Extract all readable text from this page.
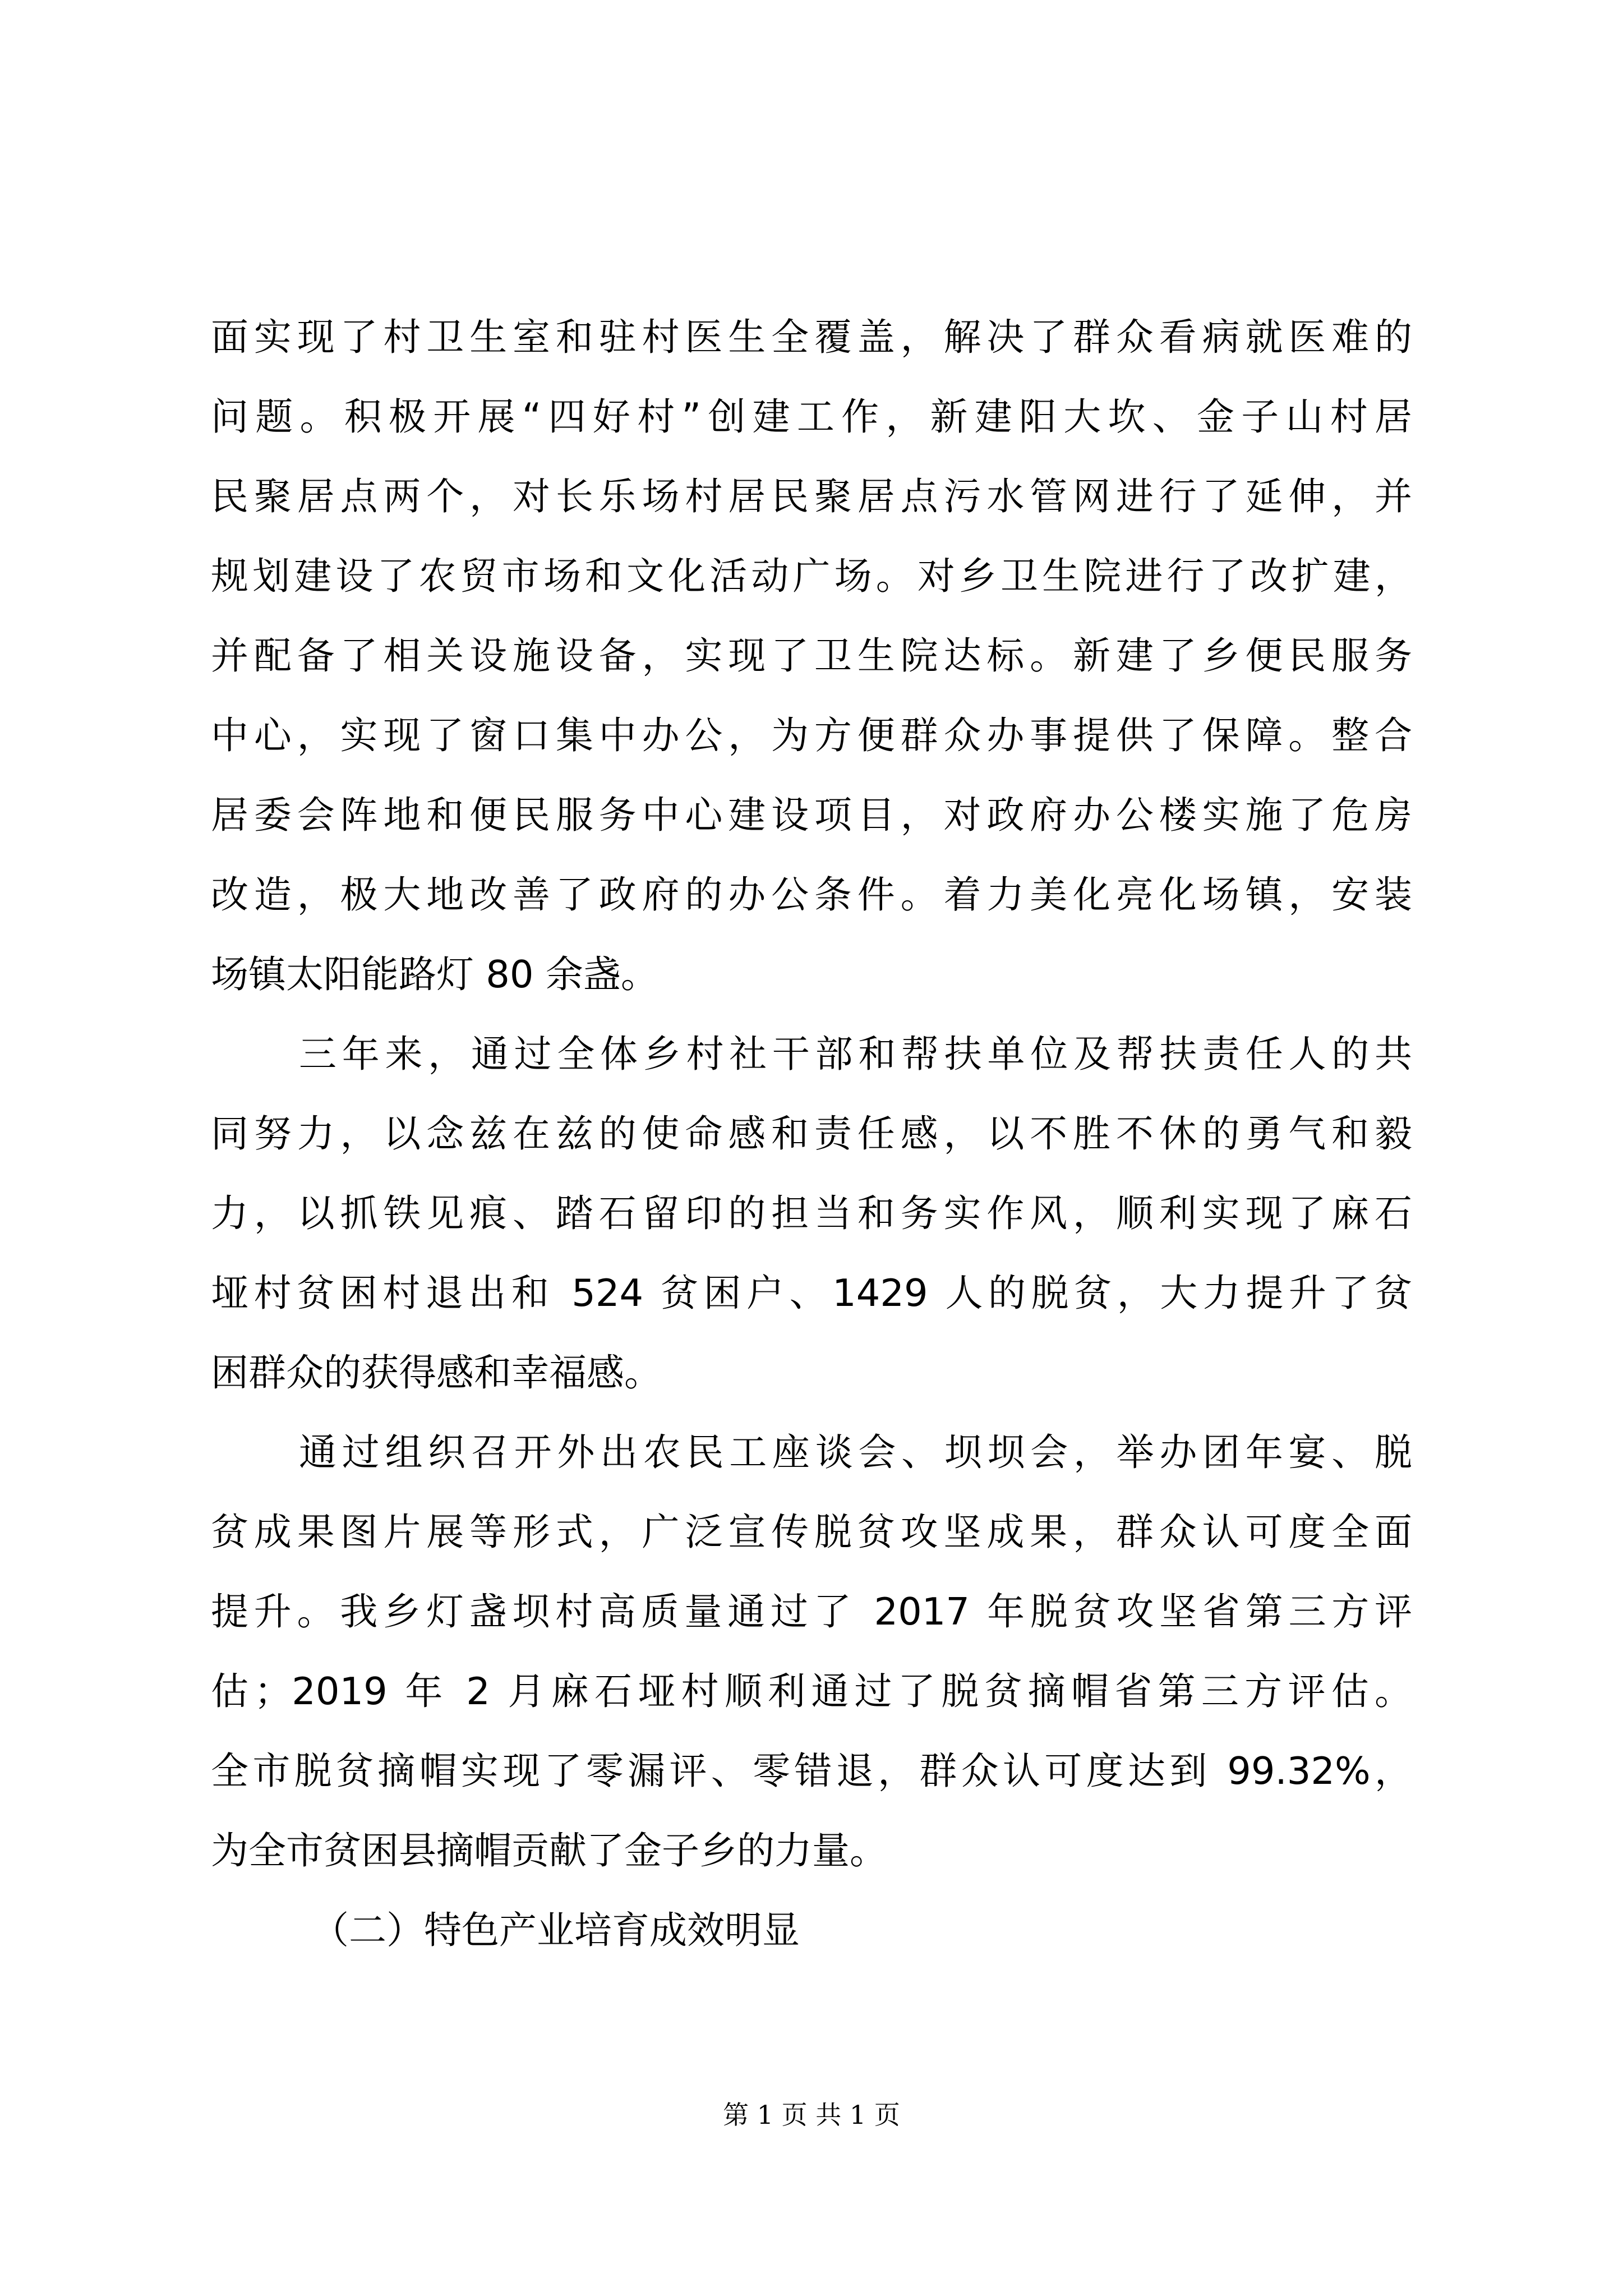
面实现了村卫生室和驻村医生全覆盖，解决了群众看病就医难的

问题。积极开展“四好村”创建工作，新建阳大坎、金子山村居

民聚居点两个，对长乐场村居民聚居点污水管网进行了延伸，并

规划建设了农贸市场和文化活动广场。对乡卫生院进行了改扩建，

并配备了相关设施设备，实现了卫生院达标。新建了乡便民服务

中心，实现了窗口集中办公，为方便群众办事提供了保障。整合

居委会阵地和便民服务中心建设项目，对政府办公楼实施了危房

改造，极大地改善了政府的办公条件。着力美化亮化场镇，安装

场镇太阳能路灯 80 余盏。

三年来，通过全体乡村社干部和帮扶单位及帮扶责任人的共

同努力，以念兹在兹的使命感和责任感，以不胜不休的勇气和毅

力，以抓铁见痕、踏石留印的担当和务实作风，顺利实现了麻石

垭村贫困村退出和 524 贫困户、1429 人的脱贫，大力提升了贫

困群众的获得感和幸福感。

通过组织召开外出农民工座谈会、坝坝会，举办团年宴、脱

贫成果图片展等形式，广泛宣传脱贫攻坚成果，群众认可度全面

提升。我乡灯盏坝村高质量通过了 2017 年脱贫攻坚省第三方评

估；2019 年 2 月麻石垭村顺利通过了脱贫摘帽省第三方评估。

全市脱贫摘帽实现了零漏评、零错退，群众认可度达到 99.32%，

为全市贫困县摘帽贡献了金子乡的力量。

（二）特色产业培育成效明显

第 1 页 共 1 页
